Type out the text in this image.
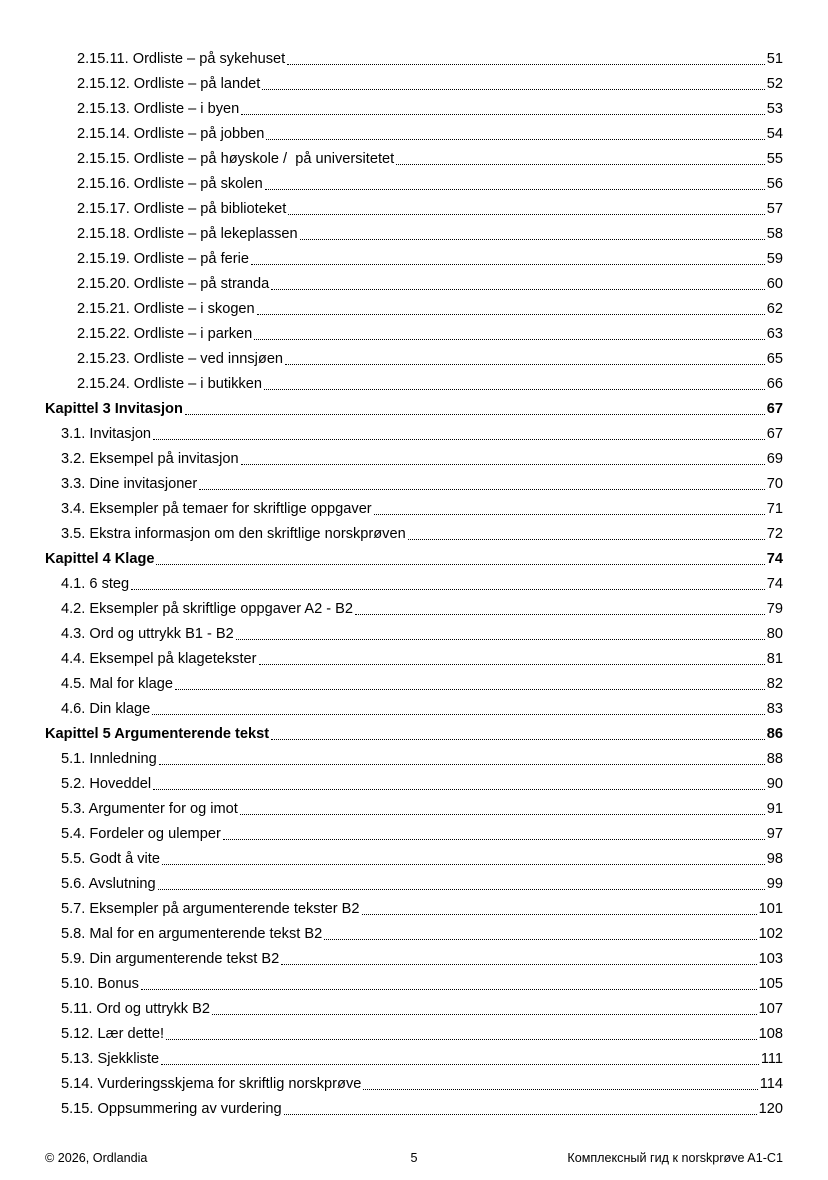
2.15.11. Ordliste – på sykehuset	51
2.15.12. Ordliste – på landet	52
2.15.13. Ordliste – i byen	53
2.15.14. Ordliste – på jobben	54
2.15.15. Ordliste – på høyskole /  på universitetet	55
2.15.16. Ordliste – på skolen	56
2.15.17. Ordliste – på biblioteket	57
2.15.18. Ordliste – på lekeplassen	58
2.15.19. Ordliste – på ferie	59
2.15.20. Ordliste – på stranda	60
2.15.21. Ordliste – i skogen	62
2.15.22. Ordliste – i parken	63
2.15.23. Ordliste – ved innsjøen	65
2.15.24. Ordliste – i butikken	66
Kapittel 3 Invitasjon	67
3.1. Invitasjon	67
3.2. Eksempel på invitasjon	69
3.3. Dine invitasjoner	70
3.4. Eksempler på temaer for skriftlige oppgaver	71
3.5. Ekstra informasjon om den skriftlige norskprøven	72
Kapittel 4 Klage	74
4.1. 6 steg	74
4.2. Eksempler på skriftlige oppgaver A2 - B2	79
4.3. Ord og uttrykk B1 - B2	80
4.4. Eksempel på klagetekster	81
4.5. Mal for klage	82
4.6. Din klage	83
Kapittel 5 Argumenterende tekst	86
5.1. Innledning	88
5.2. Hoveddel	90
5.3. Argumenter for og imot	91
5.4. Fordeler og ulemper	97
5.5. Godt å vite	98
5.6. Avslutning	99
5.7. Eksempler på argumenterende tekster B2	101
5.8. Mal for en argumenterende tekst B2	102
5.9. Din argumenterende tekst B2	103
5.10. Bonus	105
5.11. Ord og uttrykk B2	107
5.12. Lær dette!	108
5.13. Sjekkliste	111
5.14. Vurderingsskjema for skriftlig norskprøve	114
5.15. Oppsummering av vurdering	120
© 2026, Ordlandia	5	Комплексный гид к norskprøve A1-C1
